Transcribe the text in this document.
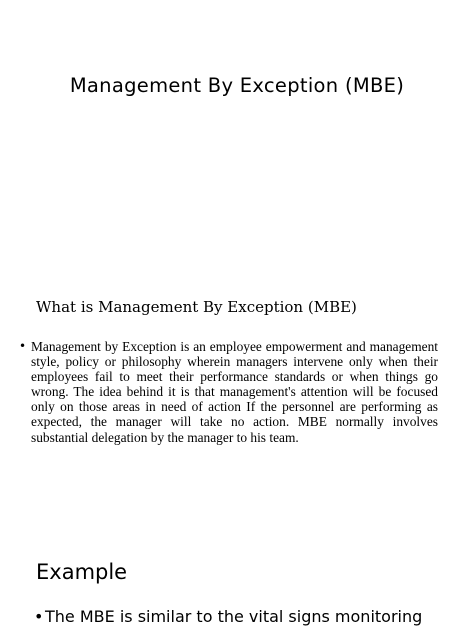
Management By Exception (MBE)
What is Management By Exception (MBE)
• Management by Exception is an employee empowerment and management style, policy or philosophy wherein managers intervene only when their employees fail to meet their performance standards or when things go wrong. The idea behind it is that management's attention will be focused only on those areas in need of action If the personnel are performing as expected, the manager will take no action. MBE normally involves substantial delegation by the manager to his team.
Example
•The MBE is similar to the vital signs monitoring
